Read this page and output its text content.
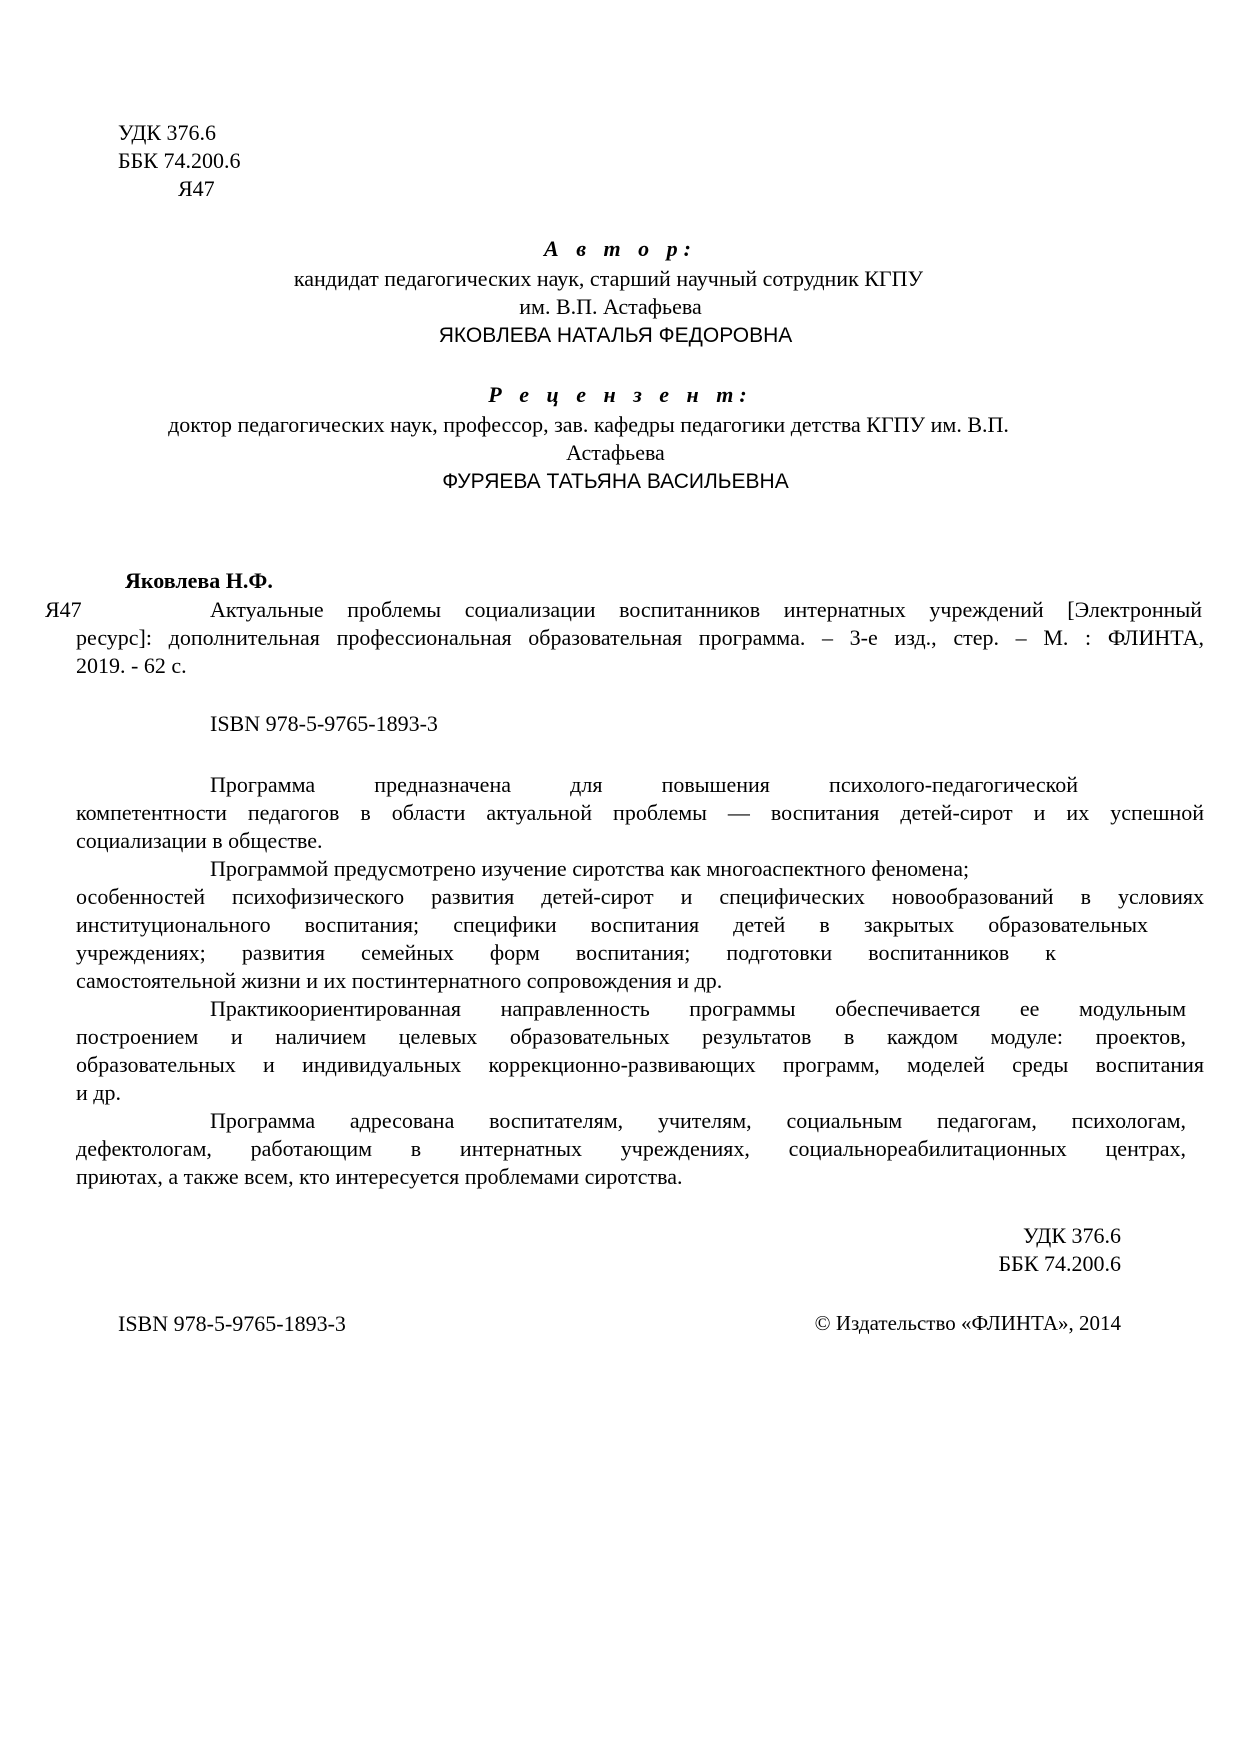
УДК 376.6
ББК 74.200.6
Я47
А в т о р:
кандидат педагогических наук, старший научный сотрудник КГПУ
им. В.П. Астафьева
ЯКОВЛЕВА НАТАЛЬЯ ФЕДОРОВНА
Р е ц е н з е н т:
доктор педагогических наук, профессор, зав. кафедры педагогики детства КГПУ им. В.П.
Астафьева
ФУРЯЕВА ТАТЬЯНА ВАСИЛЬЕВНА
Яковлева Н.Ф.
Я47	Актуальные проблемы социализации воспитанников интернатных учреждений [Электронный
ресурс]: дополнительная профессиональная образовательная программа. – 3-е изд., стер. – М. : ФЛИНТА,
2019. - 62 с.
ISBN 978-5-9765-1893-3
Программа предназначена для повышения психолого-педагогической
компетентности педагогов в области актуальной проблемы — воспитания детей-сирот и их успешной
социализации в обществе.
Программой предусмотрено изучение сиротства как многоаспектного феномена;
особенностей психофизического развития детей-сирот и специфических новообразований в условиях
институционального воспитания; специфики воспитания детей в закрытых образовательных
учреждениях; развития семейных форм воспитания; подготовки воспитанников к
самостоятельной жизни и их постинтернатного сопровождения и др.
Практикоориентированная направленность программы обеспечивается ее модульным
построением и наличием целевых образовательных результатов в каждом модуле: проектов,
образовательных и индивидуальных коррекционно-развивающих программ, моделей среды воспитания
и др.
Программа адресована воспитателям, учителям, социальным педагогам, психологам,
дефектологам, работающим в интернатных учреждениях, социальнореабилитационных центрах,
приютах, а также всем, кто интересуется проблемами сиротства.
УДК 376.6
ББК 74.200.6
ISBN 978-5-9765-1893-3	© Издательство «ФЛИНТА», 2014
